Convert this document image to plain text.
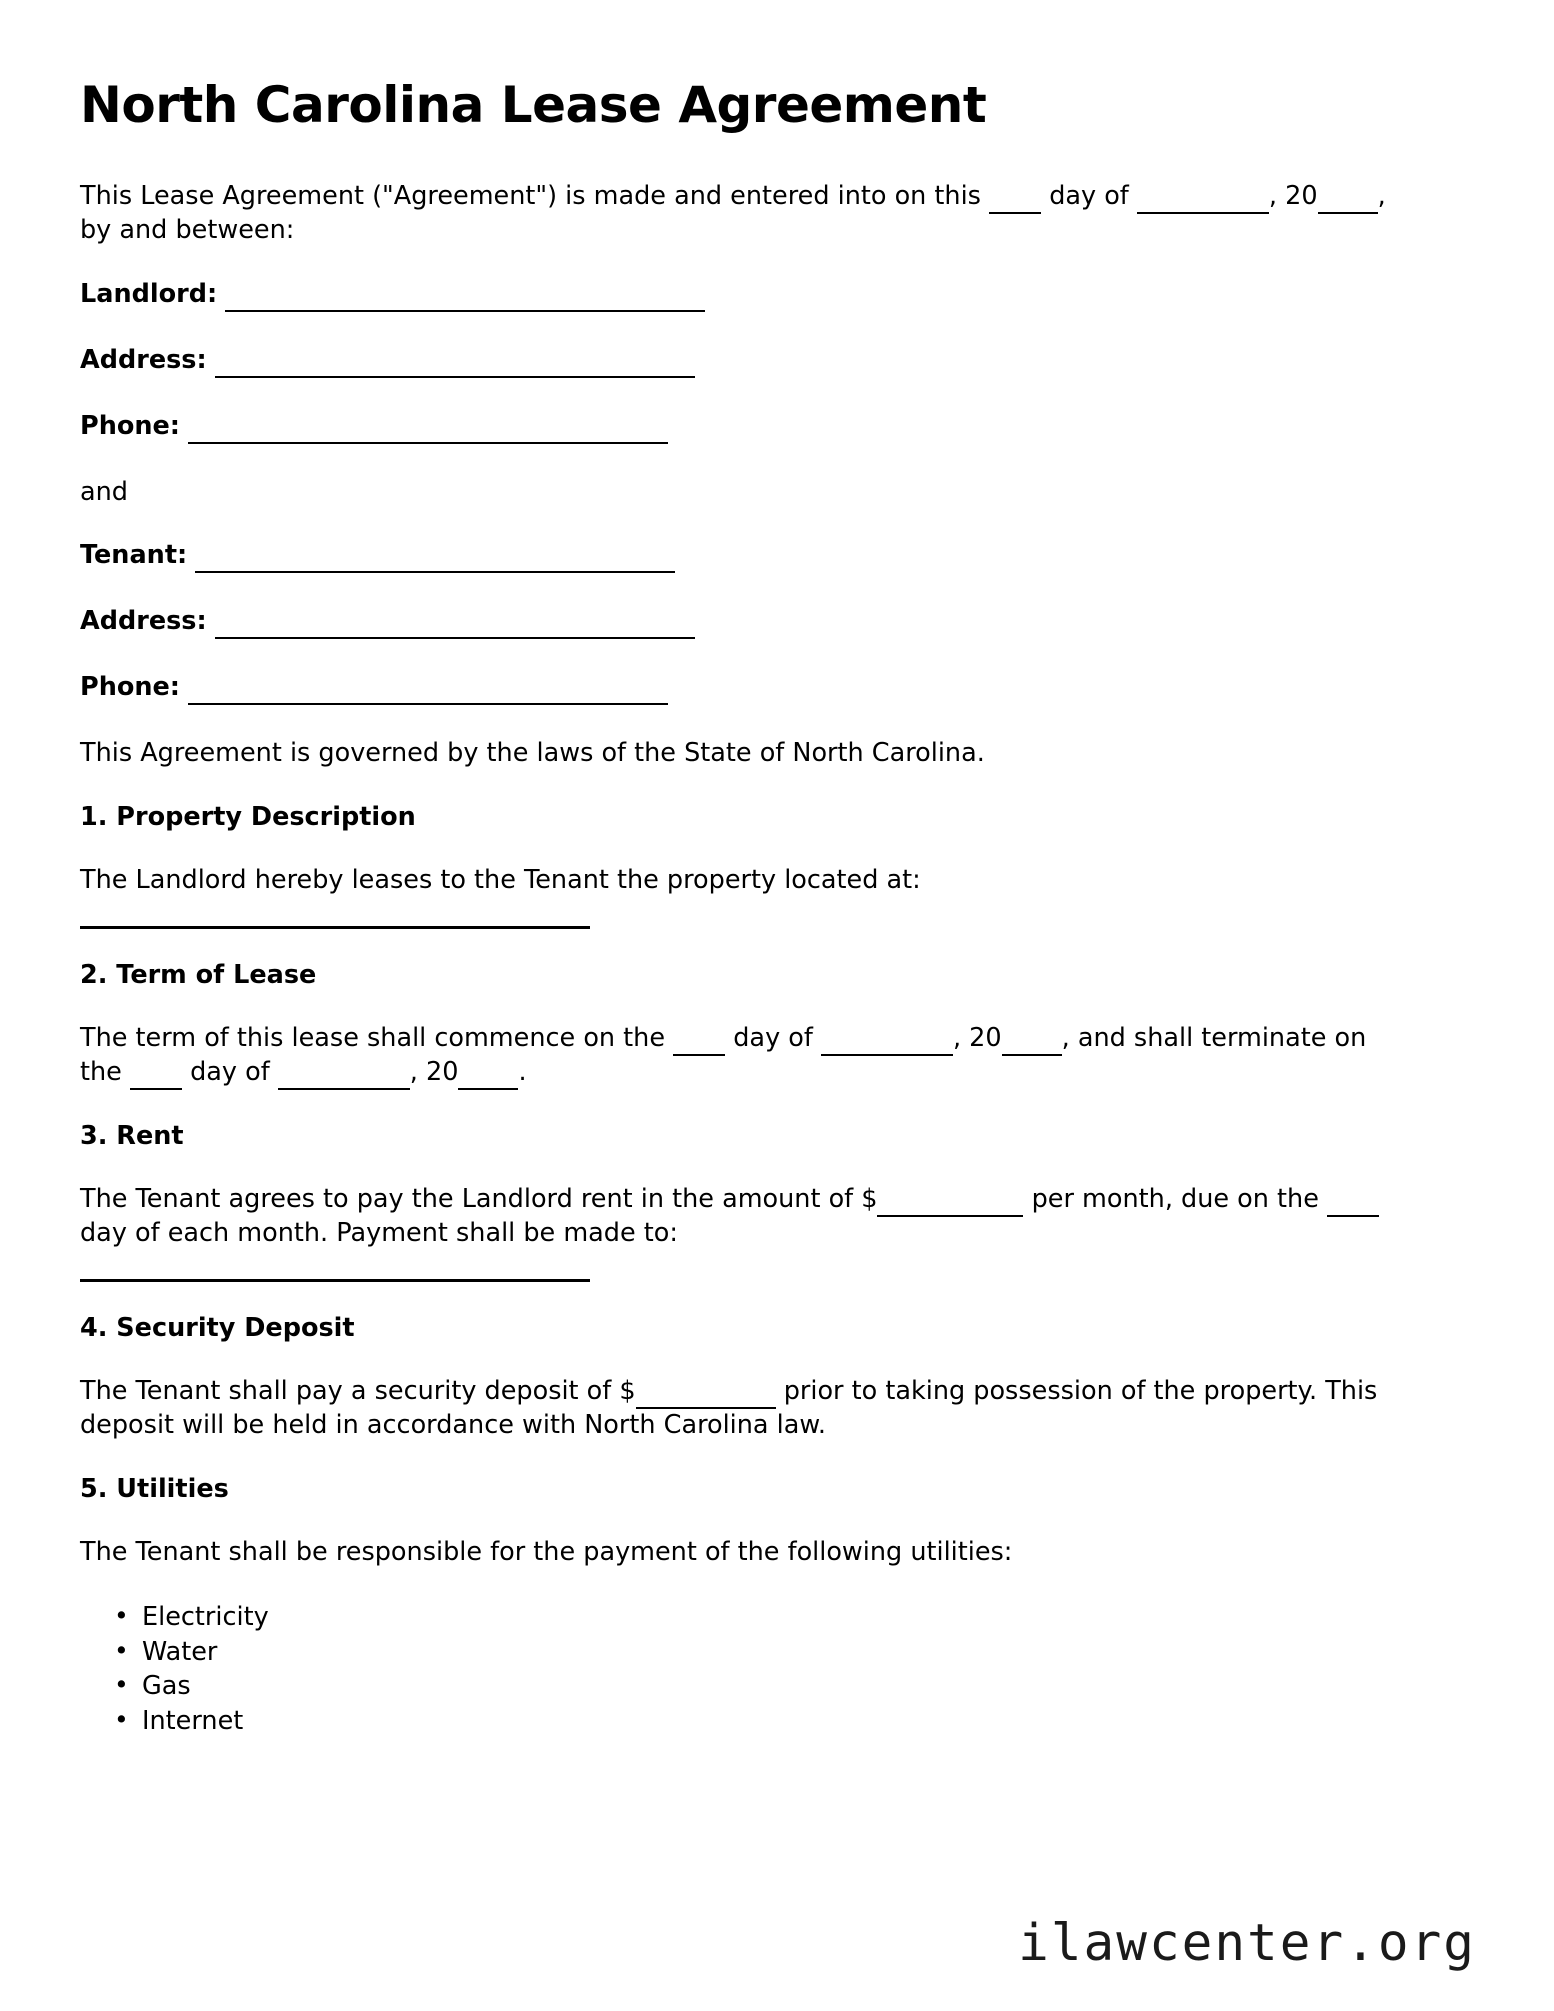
North Carolina Lease Agreement

This Lease Agreement ("Agreement") is made and entered into on this	day of	, 20 , by and between:

Landlord:

Address:

Phone:

and

Tenant:

Address:

Phone:

This Agreement is governed by the laws of the State of North Carolina.

1. Property Description

The Landlord hereby leases to the Tenant the property located at:

2. Term of Lease

The term of this lease shall commence on the	day of	, 20 , and shall terminate on the	day of	, 20 .

3. Rent

The Tenant agrees to pay the Landlord rent in the amount of $	per month, due on the  day of each month. Payment shall be made to:

4. Security Deposit

The Tenant shall pay a security deposit of $	prior to taking possession of the property. This deposit will be held in accordance with North Carolina law.

5. Utilities

The Tenant shall be responsible for the payment of the following utilities:

• Electricity
• Water
• Gas
• Internet
ilawcenter.org
